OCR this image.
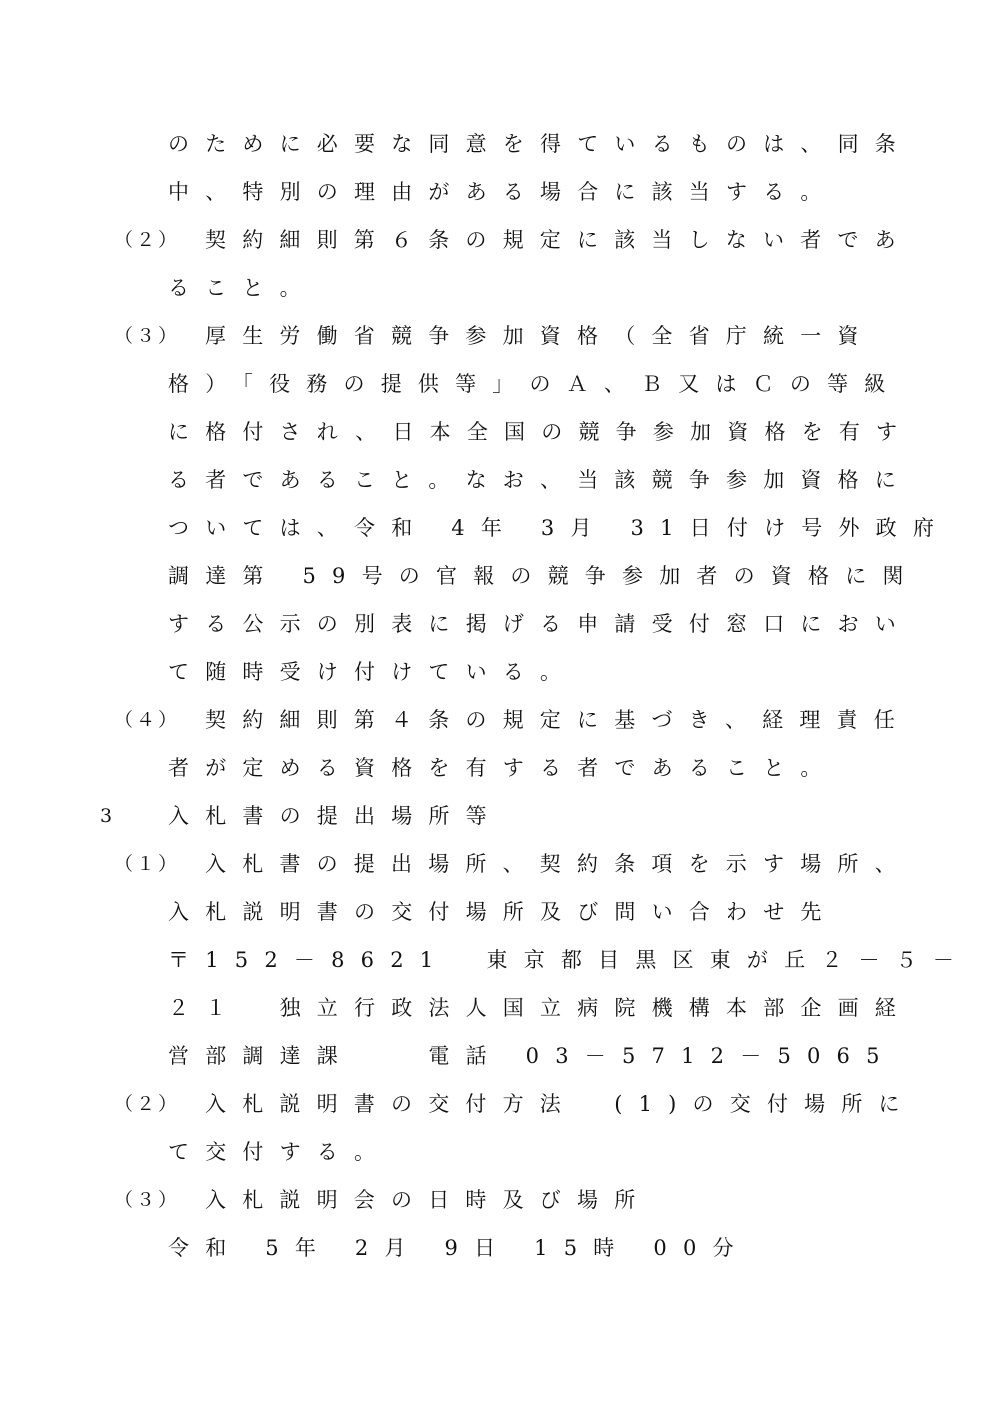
のために必要な同意を得ているものは、同条
中、特別の理由がある場合に該当する。
（２） 契約細則第６条の規定に該当しない者であ
ること。
（３） 厚生労働省競争参加資格（全省庁統一資
格）「役務の提供等」のＡ、Ｂ又はＣの等級
に格付され、日本全国の競争参加資格を有す
る者であること。なお、当該競争参加資格に
ついては、令和 4年 3月 31日付け号外政府
調達第 59号の官報の競争参加者の資格に関
する公示の別表に掲げる申請受付窓口におい
て随時受け付けている。
（４） 契約細則第４条の規定に基づき、経理責任
者が定める資格を有する者であること。
3	入札書の提出場所等
（１） 入札書の提出場所、契約条項を示す場所、
入札説明書の交付場所及び問い合わせ先
〒152－8621　東京都目黒区東が丘２－５－
２１　独立行政法人国立病院機構本部企画経
営部調達課　　電話 03－5712－5065
（２） 入札説明書の交付方法　(1)の交付場所に
て交付する。
（３） 入札説明会の日時及び場所
令和 5年 2月 9日 15時 00分
